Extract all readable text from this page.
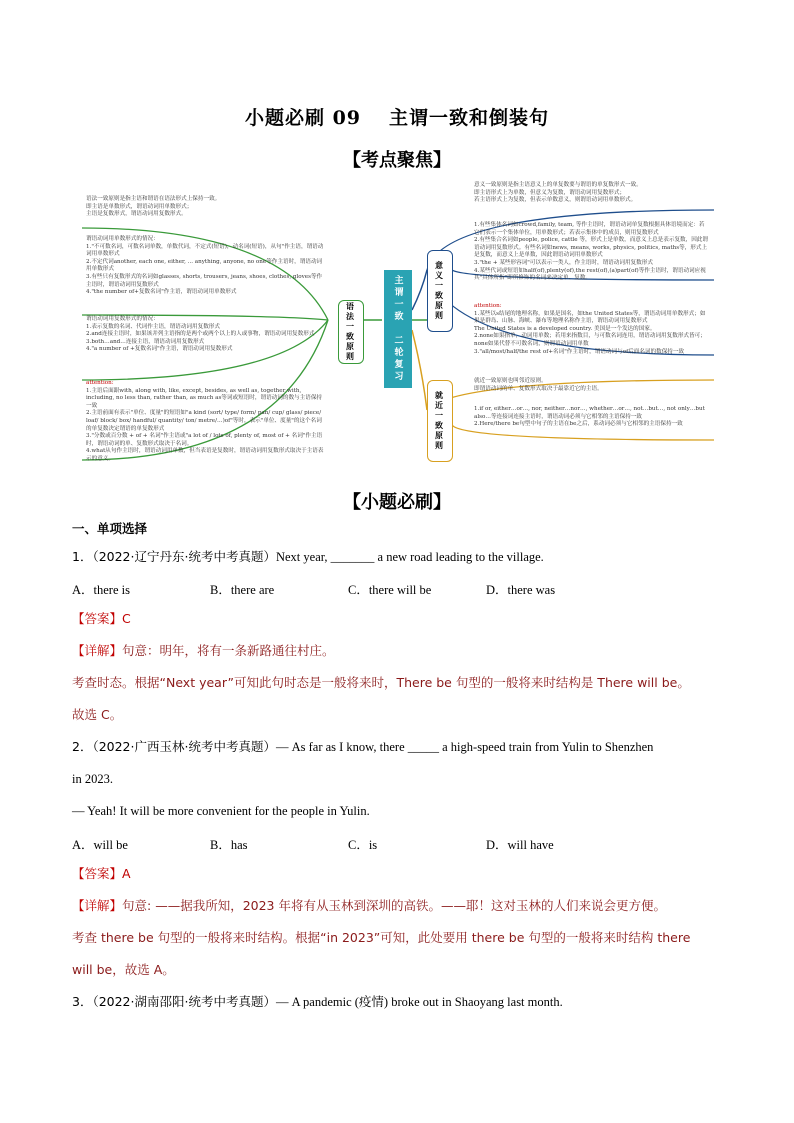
小题必刷 09 主谓一致和倒装句
【考点聚焦】
语法一致原则是指主语和谓语在语法形式上保持一致。
即主语是单数形式，谓语动词用单数形式；
主语是复数形式，谓语动词用复数形式。
谓语动词用单数形式的情况：
1."不可数名词，可数名词单数，单数代词，不定式(短语)，动名词(短语)，从句"作主语，谓语动词用单数形式
2.不定代词another, each one, either, ... anything, anyone, no one等作主语时，谓语动词用单数形式
3.有些只有复数形式的名词如glasses, shorts, trousers, jeans, shoes, clothes, gloves等作主语时，谓语动词用复数形式
4."the number of+复数名词"作主语，谓语动词用单数形式
谓语动词用复数形式的情况：
1.表示复数的名词、代词作主语，谓语动词用复数形式
2.and连接主语时，如果该并列主语指的是两个或两个以上的人或事物，谓语动词用复数形式
3.both…and…连接主语，谓语动词用复数形式
4."a number of +复数名词"作主语，谓语动词用复数形式
attention:
1.主语后面跟with, along with, like, except, besides, as well as, together with, including, no less than, rather than, as much as等词或短语时，谓语动词的数与主语保持一致
2.主语前面有表示"单位、度量"的短语如"a kind (sort/ type/ form/ pan/ cup/ glass/ piece/ loaf/ block/ box/ handful/ quantity/ ton/ metre/…)of"等时，表示"单位、度量"的这个名词的单复数决定谓语的单复数形式
3."分数或百分数 + of + 名词"作主语或"a lot of / lots of, plenty of, most of + 名词"作主语时，谓语动词的单、复数形式取决于名词。
4.what从句作主语时，谓语动词用单数，但当表语是复数时，谓语动词用复数形式取决于主语表示的意义。
语法一致原则	主谓一致　二轮复习	意义一致原则
就近一致原则
意义一致原则是指主语意义上的单复数要与谓语的单复数形式一致。
即主语形式上为单数，但意义为复数，谓语动词用复数形式；
若主语形式上为复数，但表示单数意义，则谓语动词用单数形式。
1.有些集体名词如crowd,family, team, 等作主语时，谓语动词单复数根据具体语境而定：若它们表示一个集体单位，用单数形式；若表示集体中的成员，则用复数形式
2.有些集合名词如people, police, cattle 等，形式上是单数，而意义上总是表示复数，因此谓语动词用复数形式。有些名词如news, means, works, physics, politics, maths等，形式上是复数，而意义上是单数，因此谓语动词用单数形式
3."the + 某些形容词"可以表示一类人，作主语时，谓语动词用复数形式
4.某些代词或短语如half(of),plenty(of),the rest(of),(a)part(of)等作主语时，谓语动词应视其"具体所指"即所修饰的名词来决定单、复数。
attention:
1.某些以s结尾的地理名称，如果是国名，如the United States等，谓语动词用单数形式；如果是群岛、山脉、海峡、瀑布等地理名称作主语，谓语动词用复数形式
The United States is a developed country. 美国是一个发达的国家。
2.none如果指单，动词用单数；若用来指数目，与可数名词连用，谓语动词用复数形式皆可；none如果代替不可数名词，则谓语动词用单数
3."all/most/half/the rest of+名词"作主语时，谓语动词与of后面名词的数保持一致
就近一致原则也叫邻近原则。
即谓语动词的单、复数形式取决于最靠近它的主语。
1.if or, either…or…, nor, neither…nor…, whether…or…, not…but…, not only…but also…等连接词连接主语时，谓语动词必须与它相邻的主语保持一致
2.Here/there be句型中句子的主语在be之后，系动词必须与它相邻的主语保持一致
【小题必刷】
一、单项选择
1．（2022·辽宁丹东·统考中考真题）Next year, _______ a new road leading to the village.
A．there is	B．there are	C．there will be	D．there was
【答案】C
【详解】句意：明年，将有一条新路通往村庄。
考查时态。根据“Next year”可知此句时态是一般将来时，There be 句型的一般将来时结构是 There will be。
故选 C。
2．（2022·广西玉林·统考中考真题）— As far as I know, there _____ a high-speed train from Yulin to Shenzhen
in 2023.
— Yeah! It will be more convenient for the people in Yulin.
A．will be	B．has	C．is	D．will have
【答案】A
【详解】句意: ——据我所知，2023 年将有从玉林到深圳的高铁。——耶！这对玉林的人们来说会更方便。
考查 there be 句型的一般将来时结构。根据“in 2023”可知，此处要用 there be 句型的一般将来时结构 there
will be，故选 A。
3．（2022·湖南邵阳·统考中考真题）— A pandemic (疫情) broke out in Shaoyang last month.
